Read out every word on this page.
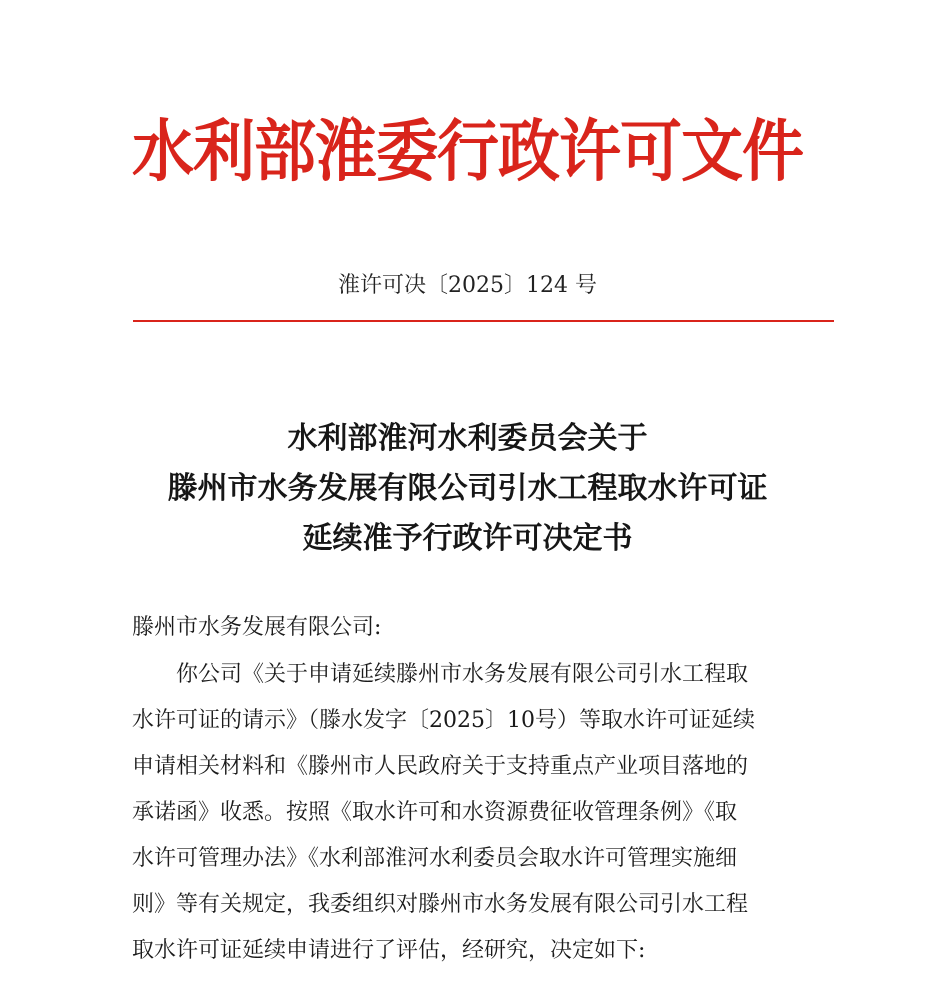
水利部淮委行政许可文件
淮许可决〔2025〕124 号
水利部淮河水利委员会关于
滕州市水务发展有限公司引水工程取水许可证
延续准予行政许可决定书
滕州市水务发展有限公司:
你公司《关于申请延续滕州市水务发展有限公司引水工程取
水许可证的请示》（滕水发字〔2025〕10号）等取水许可证延续
申请相关材料和《滕州市人民政府关于支持重点产业项目落地的
承诺函》收悉。按照《取水许可和水资源费征收管理条例》《取
水许可管理办法》《水利部淮河水利委员会取水许可管理实施细
则》等有关规定，我委组织对滕州市水务发展有限公司引水工程
取水许可证延续申请进行了评估，经研究，决定如下:
